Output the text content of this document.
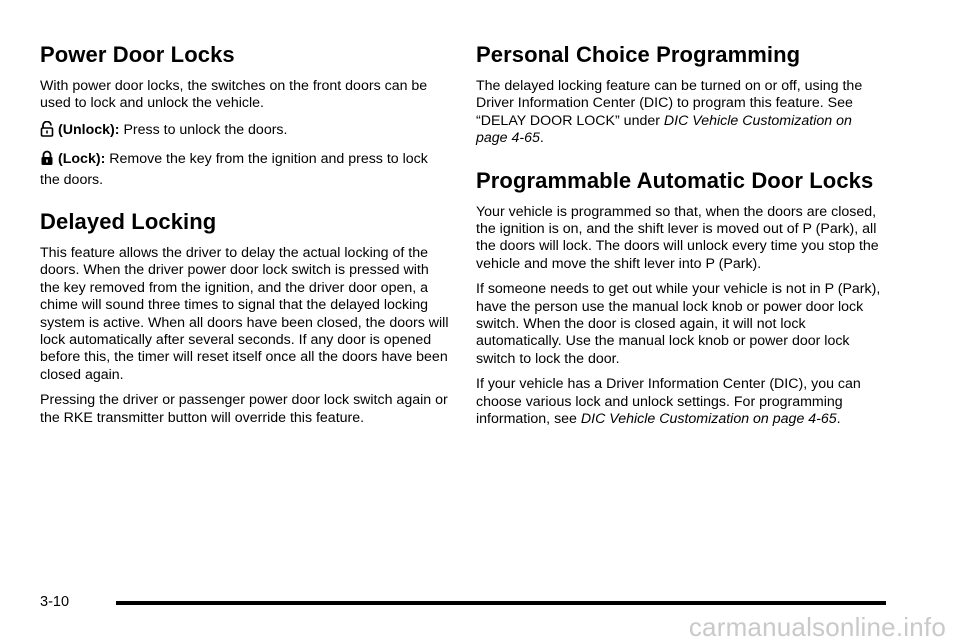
Power Door Locks

With power door locks, the switches on the front doors can be used to lock and unlock the vehicle.

(Unlock): Press to unlock the doors.

(Lock): Remove the key from the ignition and press to lock the doors.

Delayed Locking

This feature allows the driver to delay the actual locking of the doors. When the driver power door lock switch is pressed with the key removed from the ignition, and the driver door open, a chime will sound three times to signal that the delayed locking system is active. When all doors have been closed, the doors will lock automatically after several seconds. If any door is opened before this, the timer will reset itself once all the doors have been closed again.

Pressing the driver or passenger power door lock switch again or the RKE transmitter button will override this feature.

Personal Choice Programming

The delayed locking feature can be turned on or off, using the Driver Information Center (DIC) to program this feature. See “DELAY DOOR LOCK” under DIC Vehicle Customization on page 4-65.

Programmable Automatic Door Locks

Your vehicle is programmed so that, when the doors are closed, the ignition is on, and the shift lever is moved out of P (Park), all the doors will lock. The doors will unlock every time you stop the vehicle and move the shift lever into P (Park).

If someone needs to get out while your vehicle is not in P (Park), have the person use the manual lock knob or power door lock switch. When the door is closed again, it will not lock automatically. Use the manual lock knob or power door lock switch to lock the door.

If your vehicle has a Driver Information Center (DIC), you can choose various lock and unlock settings. For programming information, see DIC Vehicle Customization on page 4-65.

3-10
carmanualsonline.info
